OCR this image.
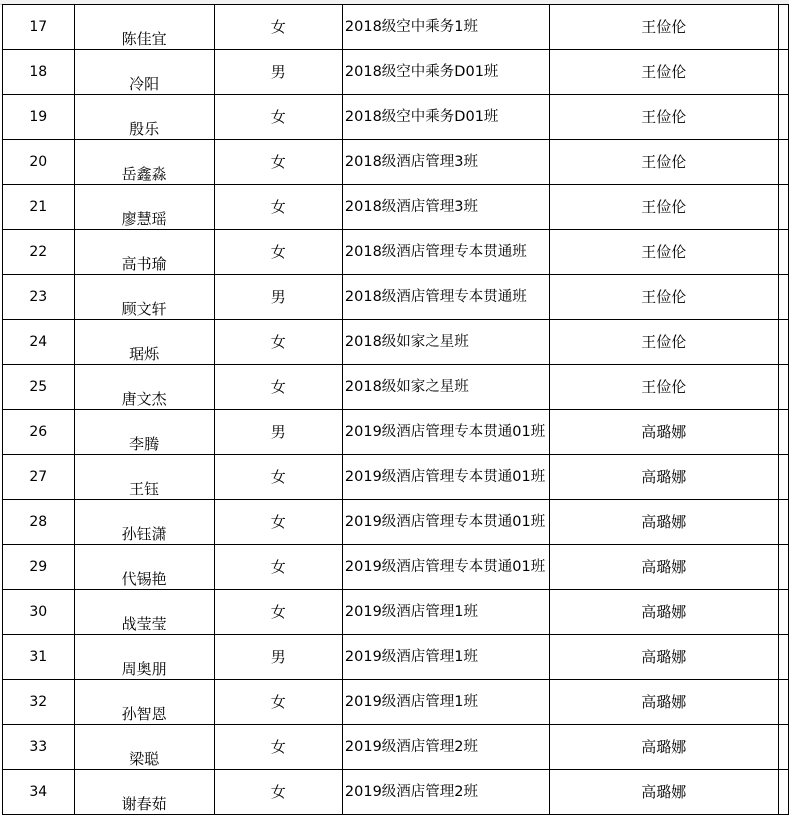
17	陈佳宜	女	2018级空中乘务1班	王俭伦	
18	冷阳	男	2018级空中乘务D01班	王俭伦	
19	殷乐	女	2018级空中乘务D01班	王俭伦	
20	岳鑫淼	女	2018级酒店管理3班	王俭伦	
21	廖慧瑶	女	2018级酒店管理3班	王俭伦	
22	高书瑜	女	2018级酒店管理专本贯通班	王俭伦	
23	顾文轩	男	2018级酒店管理专本贯通班	王俭伦	
24	琚烁	女	2018级如家之星班	王俭伦	
25	唐文杰	女	2018级如家之星班	王俭伦	
26	李腾	男	2019级酒店管理专本贯通01班	高璐娜	
27	王钰	女	2019级酒店管理专本贯通01班	高璐娜	
28	孙钰潇	女	2019级酒店管理专本贯通01班	高璐娜	
29	代锡艳	女	2019级酒店管理专本贯通01班	高璐娜	
30	战莹莹	女	2019级酒店管理1班	高璐娜	
31	周奥朋	男	2019级酒店管理1班	高璐娜	
32	孙智恩	女	2019级酒店管理1班	高璐娜	
33	梁聪	女	2019级酒店管理2班	高璐娜	
34	谢春茹	女	2019级酒店管理2班	高璐娜	
